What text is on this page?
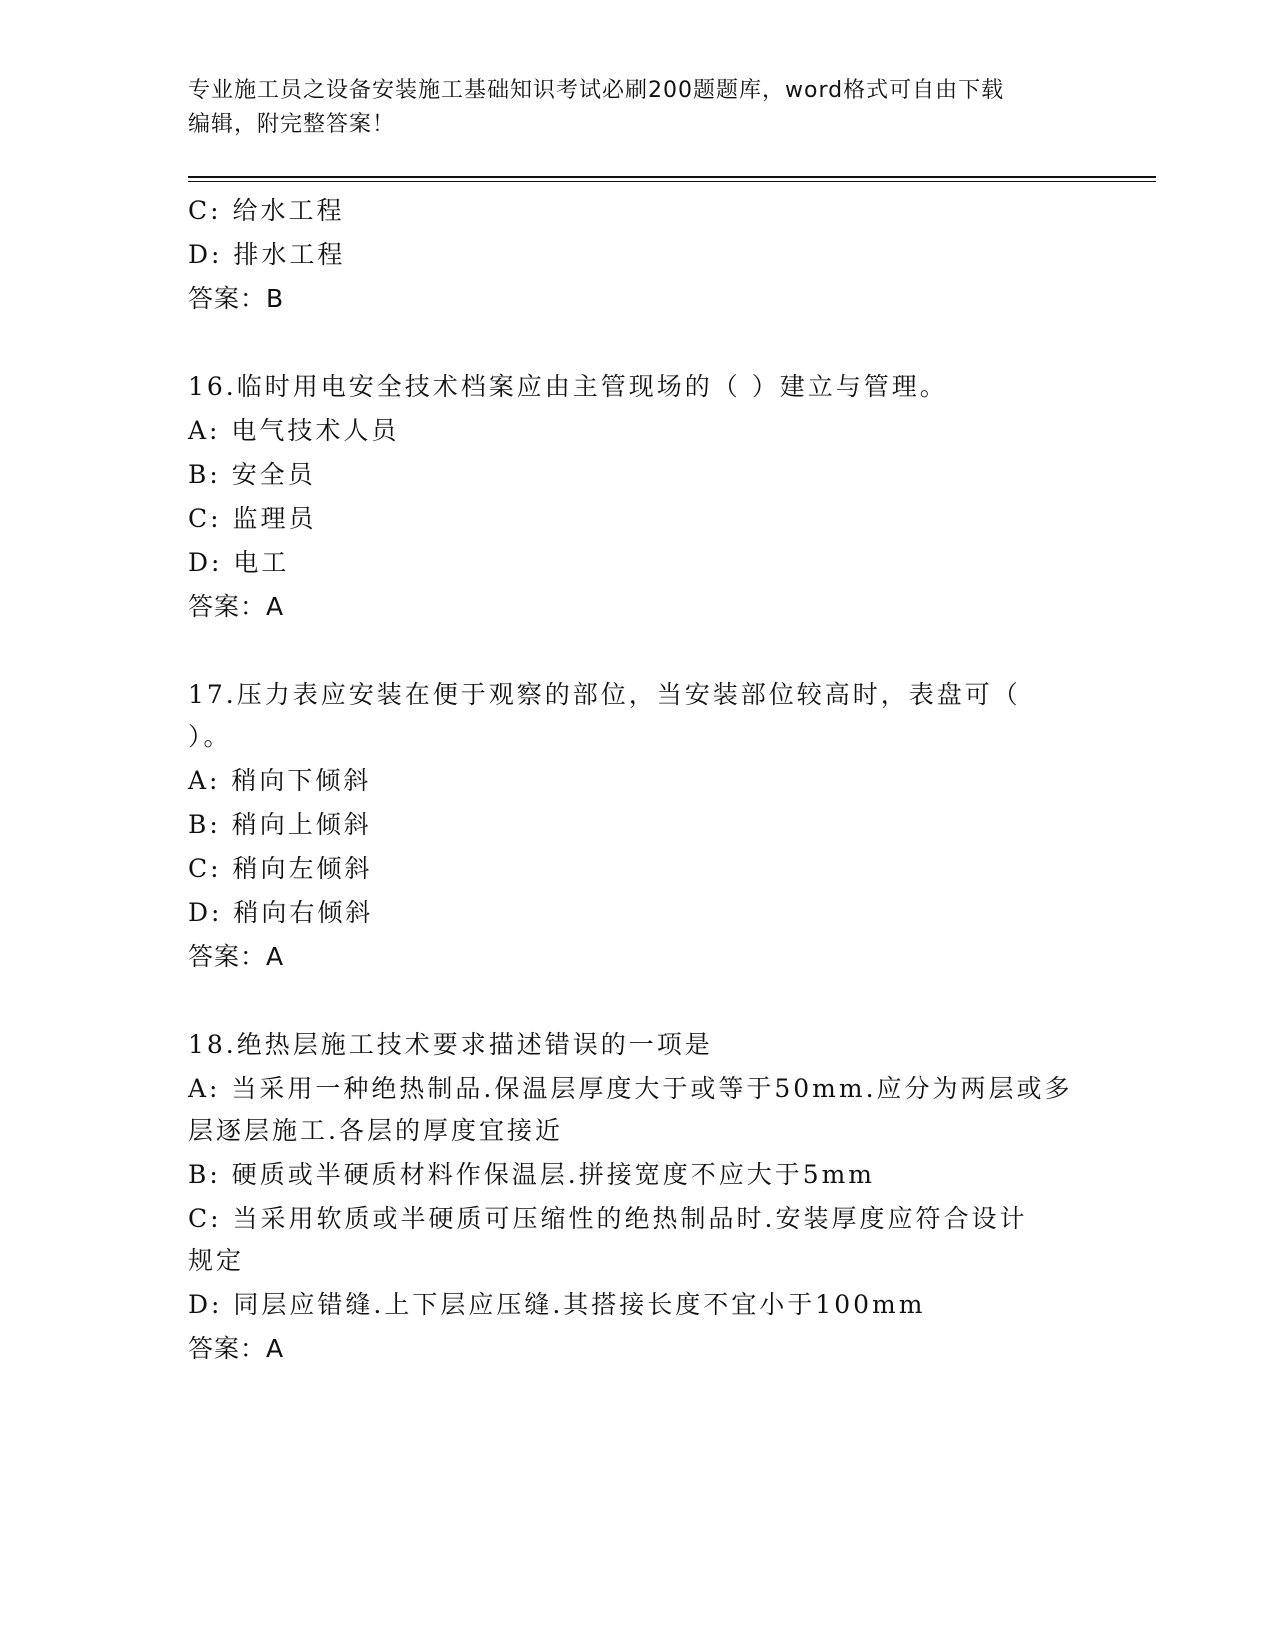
专业施工员之设备安装施工基础知识考试必刷200题题库，word格式可自由下载
编辑，附完整答案！
C: 给水工程
D: 排水工程
答案：B
16.临时用电安全技术档案应由主管现场的（ ）建立与管理。
A: 电气技术人员
B: 安全员
C: 监理员
D: 电工
答案：A
17.压力表应安装在便于观察的部位，当安装部位较高时，表盘可（
）。
A: 稍向下倾斜
B: 稍向上倾斜
C: 稍向左倾斜
D: 稍向右倾斜
答案：A
18.绝热层施工技术要求描述错误的一项是
A: 当采用一种绝热制品.保温层厚度大于或等于50mm.应分为两层或多
层逐层施工.各层的厚度宜接近
B: 硬质或半硬质材料作保温层.拼接宽度不应大于5mm
C: 当采用软质或半硬质可压缩性的绝热制品时.安装厚度应符合设计
规定
D: 同层应错缝.上下层应压缝.其搭接长度不宜小于100mm
答案：A
